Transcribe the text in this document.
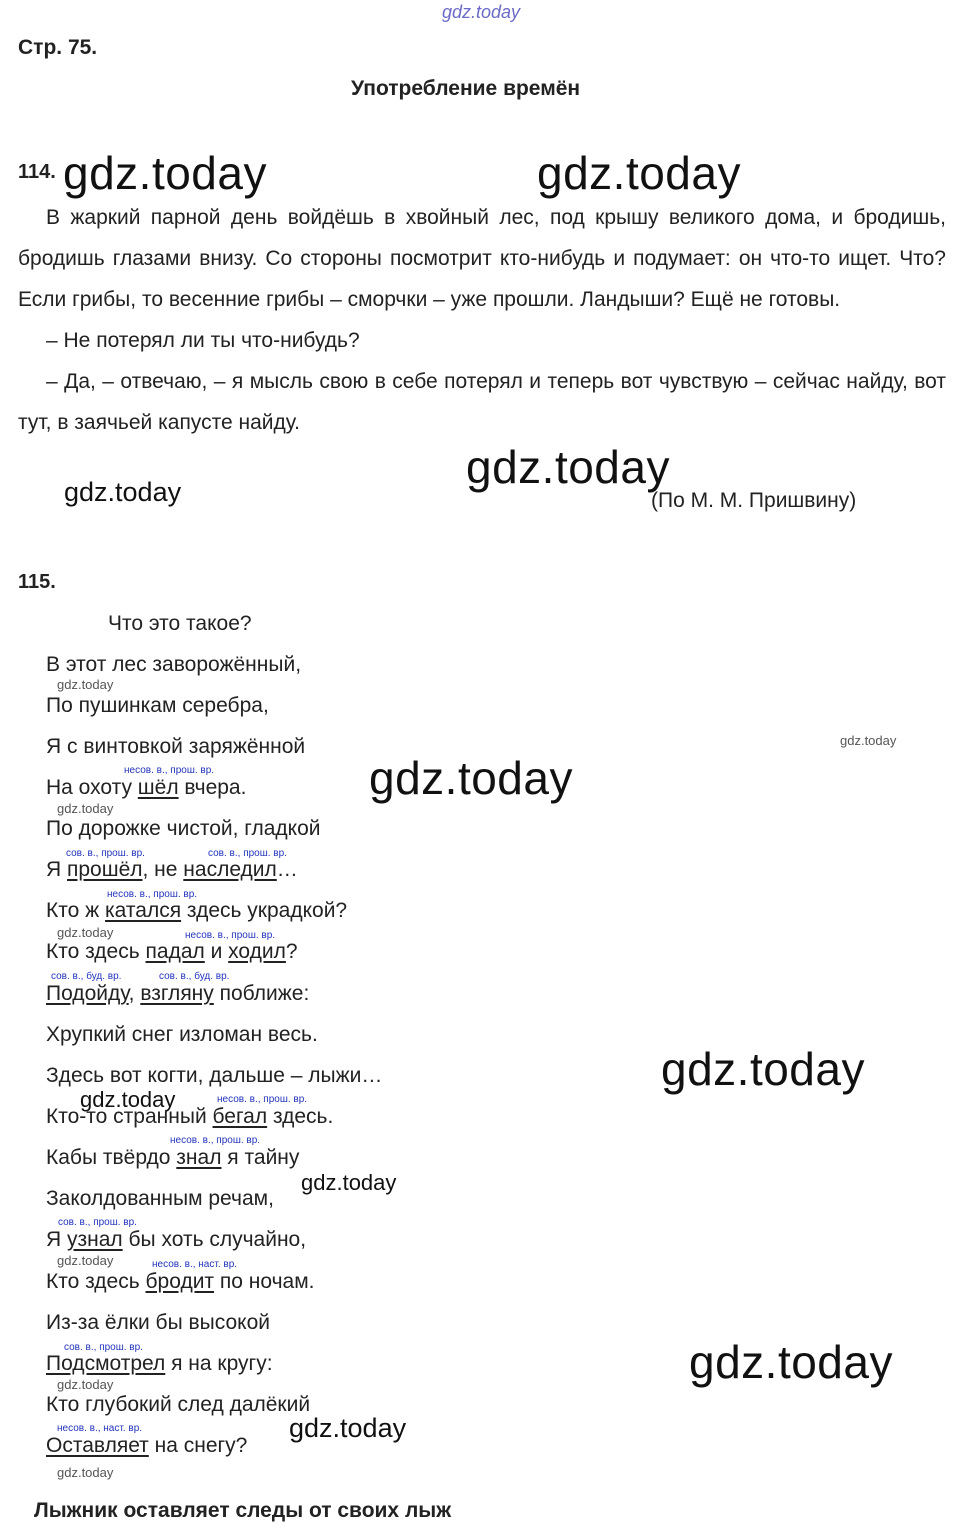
gdz.today
Стр. 75.
Употребление времён
114. gdz.today	gdz.today

В жаркий парной день войдёшь в хвойный лес, под крышу великого дома, и бродишь, бродишь глазами внизу. Со стороны посмотрит кто-нибудь и подумает: он что-то ищет. Что? Если грибы, то весенние грибы – сморчки – уже прошли. Ландыши? Ещё не готовы.

– Не потерял ли ты что-нибудь?

– Да, – отвечаю, – я мысль свою в себе потерял и теперь вот чувствую – сейчас найду, вот тут, в заячьей капусте найду.

gdz.today
gdz.today	(По М. М. Пришвину)
115.
Что это такое?
В этот лес заворожённый,
По пушинкам серебра,
Я с винтовкой заряжённой
На охоту шёл вчера.
По дорожке чистой, гладкой
Я прошёл, не наследил…
Кто ж катался здесь украдкой?
Кто здесь падал и ходил?
Подойду, взгляну поближе:
Хрупкий снег изломан весь.
Здесь вот когти, дальше – лыжи…
Кто-то странный бегал здесь.
Кабы твёрдо знал я тайну
Заколдованным речам,
Я узнал бы хоть случайно,
Кто здесь бродит по ночам.
Из-за ёлки бы высокой
Подсмотрел я на кругу:
Кто глубокий след далёкий
Оставляет на снегу?
несов. в., прош. вр.
сов. в., прош. вр.	сов. в., прош. вр.
несов. в., прош. вр.
несов. в., прош. вр.
сов. в., буд. вр.	сов. в., буд. вр.
несов. в., прош. вр.
несов. в., прош. вр.
сов. в., прош. вр.
несов. в., наст. вр.
сов. в., прош. вр.
несов. в., наст. вр.
gdz.today
gdz.today
gdz.today
gdz.today
gdz.today
gdz.today
gdz.today
gdz.today
gdz.today
gdz.today
gdz.today
gdz.today
gdz.today
Лыжник оставляет следы от своих лыж
